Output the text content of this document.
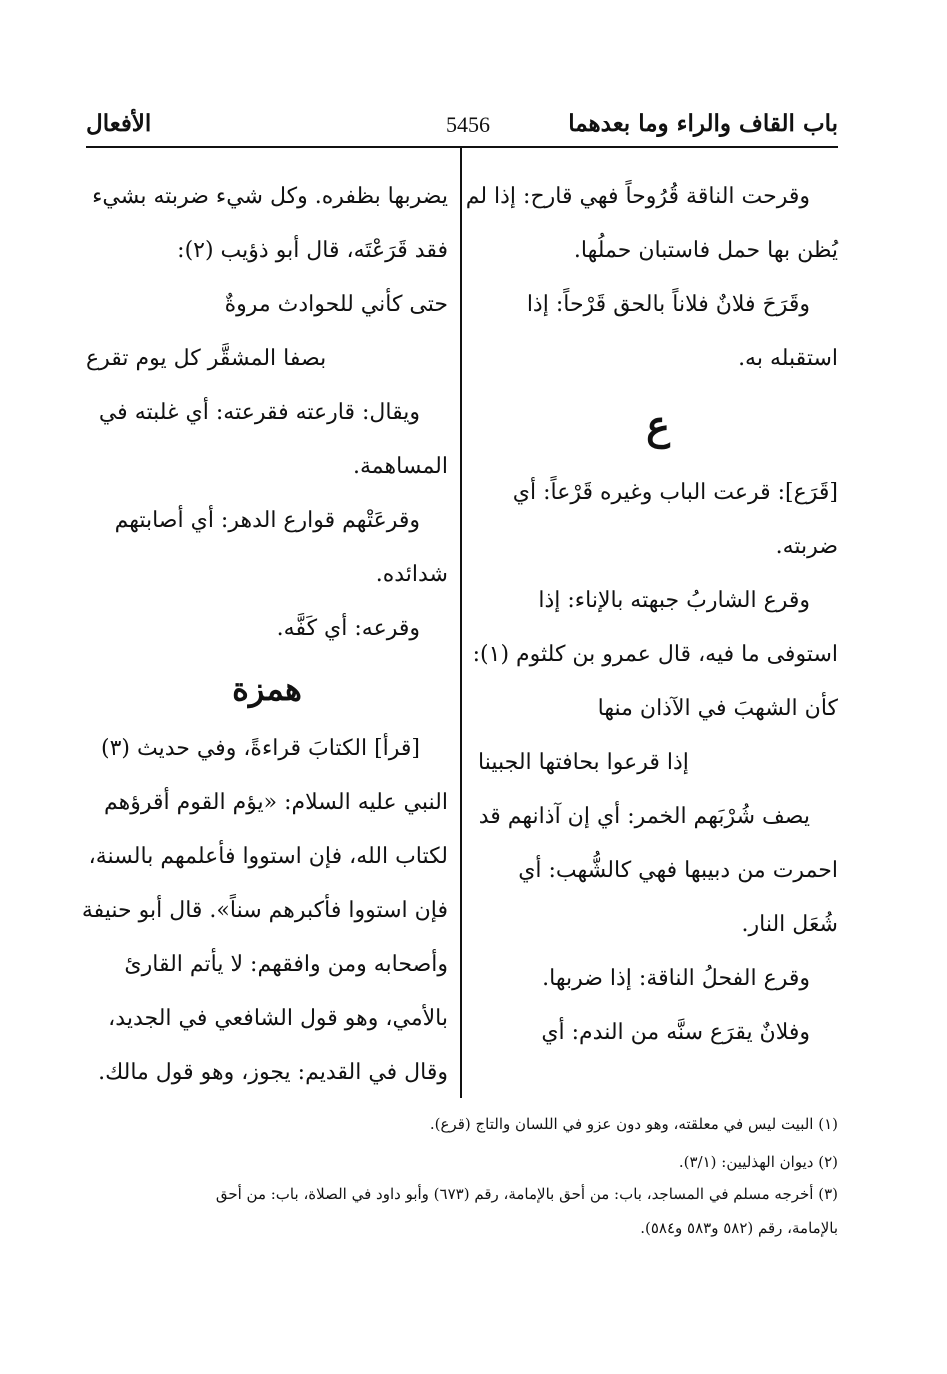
باب القاف والراء وما بعدهما
5456
الأفعال
وقرحت الناقة قُرُوحاً فهي قارح: إذا لم
يُظن بها حمل فاستبان حملُها.
وقَرَحَ فلانٌ فلاناً بالحق قَرْحاً: إذا
استقبله به.
ع
[قَرَع]: قرعت الباب وغيره قَرْعاً: أي
ضربته.
وقرع الشاربُ جبهته بالإناء: إذا
استوفى ما فيه، قال عمرو بن كلثوم (١):
كأن الشهبَ في الآذان منها
إذا قرعوا بحافتها الجبينا
يصف شُرْبَهم الخمر: أي إن آذانهم قد
احمرت من دبيبها فهي كالشُّهب: أي
شُعَل النار.
وقرع الفحلُ الناقة: إذا ضربها.
وفلانٌ يقرَع سنَّه من الندم: أي
يضربها بظفره. وكل شيء ضربته بشيء
فقد قَرَعْتَه، قال أبو ذؤيب (٢):
حتى كأني للحوادث مروةٌ
بصفا المشقَّر كل يوم تقرع
ويقال: قارعته فقرعته: أي غلبته في
المساهمة.
وقرعَتْهم قوارع الدهر: أي أصابتهم
شدائده.
وقرعه: أي كَفَّه.
همزة
[قرأ] الكتابَ قراءةً، وفي حديث (٣)
النبي عليه السلام: «يؤم القوم أقرؤهم
لكتاب الله، فإن استووا فأعلمهم بالسنة،
فإن استووا فأكبرهم سناً». قال أبو حنيفة
وأصحابه ومن وافقهم: لا يأتم القارئ
بالأمي، وهو قول الشافعي في الجديد،
وقال في القديم: يجوز، وهو قول مالك.
(١) البيت ليس في معلقته، وهو دون عزو في اللسان والتاج (قرع).
(٢) ديوان الهذليين: (٣/١).
(٣) أخرجه مسلم في المساجد، باب: من أحق بالإمامة، رقم (٦٧٣) وأبو داود في الصلاة، باب: من أحق
بالإمامة، رقم (٥٨٢ و٥٨٣ و٥٨٤).
